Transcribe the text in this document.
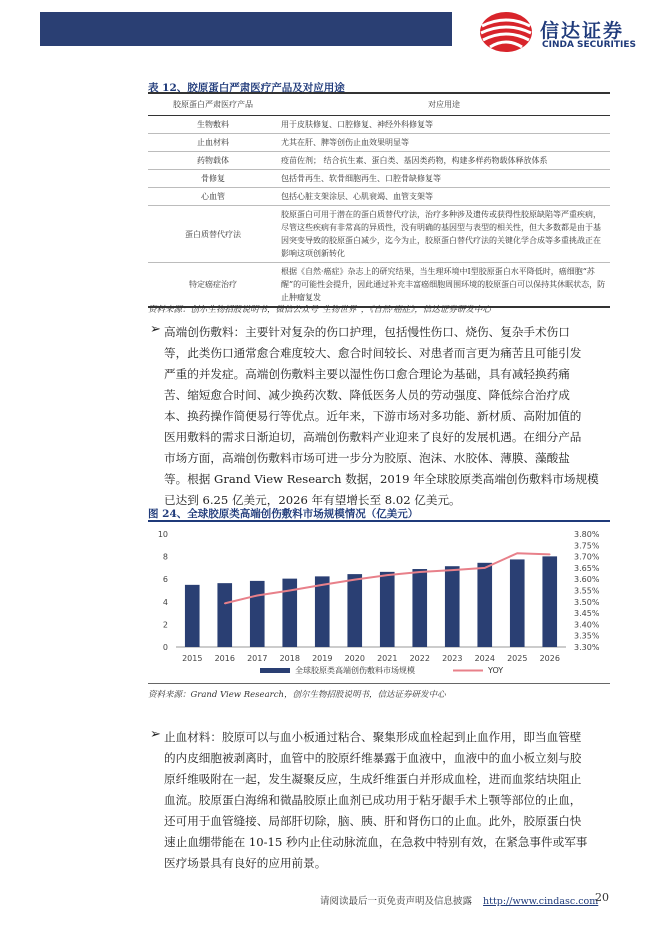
信达证券
CINDA SECURITIES
表 12、胶原蛋白严肃医疗产品及对应用途
胶原蛋白严肃医疗产品	对应用途
生物敷料	用于皮肤修复、口腔修复、神经外科修复等
止血材料	尤其在肝、脾等创伤止血效果明显等
药物载体	疫苗佐剂； 结合抗生素、蛋白类、基因类药物，构建多样药物载体释放体系
骨修复	包括骨再生、软骨细胞再生、口腔骨缺修复等
心血管	包括心脏支架涂层、心肌衰竭、血管支架等
蛋白质替代疗法	胶原蛋白可用于潜在的蛋白质替代疗法，治疗多种涉及遗传或获得性胶原缺陷等严重疾病，尽管这些疾病有非常高的异质性，没有明确的基因型与表型的相关性，但大多数都是由于基因突变导致的胶原蛋白减少，迄今为止，胶原蛋白替代疗法的关键化学合成等多重挑战正在影响这项创新转化
特定癌症治疗	根据《自然·癌症》杂志上的研究结果，当生理环境中I型胶原蛋白水平降低时，癌细胞“苏醒”的可能性会提升，因此通过补充丰富癌细胞周围环境的胶原蛋白可以保持其休眠状态，防止肿瘤复发
资料来源：创尔生物招股说明书，微信公众号“生物世界”，《自然·癌症》，信达证券研发中心
➢ 高端创伤敷料：主要针对复杂的伤口护理，包括慢性伤口、烧伤、复杂手术伤口
等，此类伤口通常愈合难度较大、愈合时间较长、对患者而言更为痛苦且可能引发
严重的并发症。高端创伤敷料主要以湿性伤口愈合理论为基础，具有减轻换药痛
苦、缩短愈合时间、减少换药次数、降低医务人员的劳动强度、降低综合治疗成
本、换药操作简便易行等优点。近年来，下游市场对多功能、新材质、高附加值的
医用敷料的需求日渐迫切，高端创伤敷料产业迎来了良好的发展机遇。在细分产品
市场方面，高端创伤敷料市场可进一步分为胶原、泡沫、水胶体、薄膜、藻酸盐
等。根据 Grand View Research 数据，2019 年全球胶原类高端创伤敷料市场规模
已达到 6.25 亿美元，2026 年有望增长至 8.02 亿美元。
图 24、全球胶原类高端创伤敷料市场规模情况（亿美元）
0
2
4
6
8
10
3.30%
3.35%
3.40%
3.45%
3.50%
3.55%
3.60%
3.65%
3.70%
3.75%
3.80%
2015 2016 2017 2018 2019 2020 2021 2022 2023 2024 2025 2026
全球胶原类高端创伤敷料市场规模	YOY
资料来源：Grand View Research，创尔生物招股说明书，信达证券研发中心
➢ 止血材料：胶原可以与血小板通过粘合、聚集形成血栓起到止血作用，即当血管壁
的内皮细胞被剥离时，血管中的胶原纤维暴露于血液中，血液中的血小板立刻与胶
原纤维吸附在一起，发生凝聚反应，生成纤维蛋白并形成血栓，进而血浆结块阻止
血流。胶原蛋白海绵和微晶胶原止血剂已成功用于粘牙龈手术上颚等部位的止血，
还可用于血管缝接、局部肝切除，脑、胰、肝和肾伤口的止血。此外，胶原蛋白快
速止血绷带能在 10-15 秒内止住动脉流血，在急救中特别有效，在紧急事件或军事
医疗场景具有良好的应用前景。
请阅读最后一页免责声明及信息披露 http://www.cindasc.com
20
